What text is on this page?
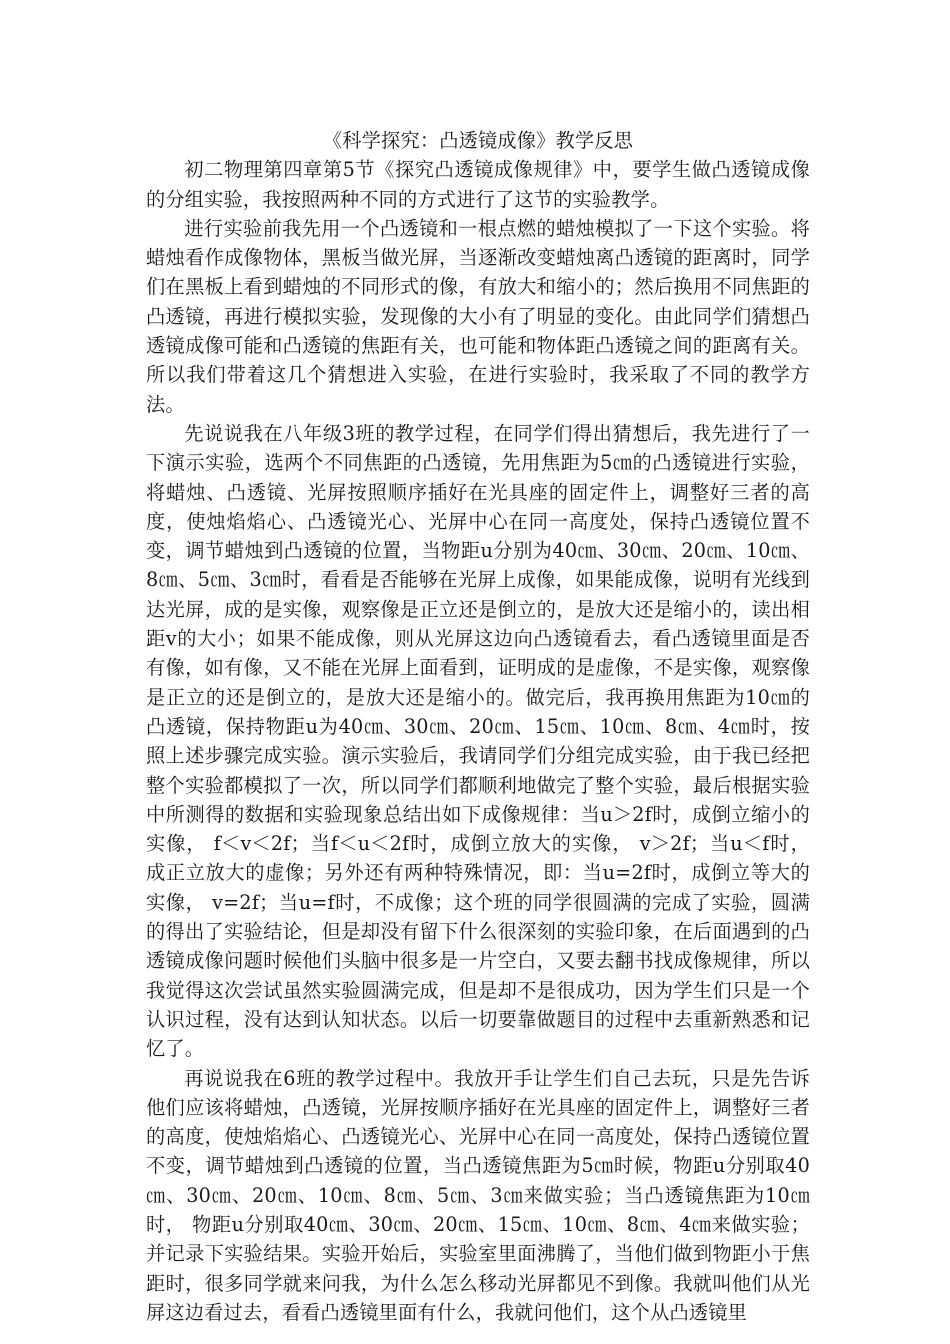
《科学探究：凸透镜成像》教学反思

初二物理第四章第5节《探究凸透镜成像规律》中，要学生做凸透镜成像的分组实验，我按照两种不同的方式进行了这节的实验教学。

进行实验前我先用一个凸透镜和一根点燃的蜡烛模拟了一下这个实验。将蜡烛看作成像物体，黑板当做光屏，当逐渐改变蜡烛离凸透镜的距离时，同学们在黑板上看到蜡烛的不同形式的像，有放大和缩小的；然后换用不同焦距的凸透镜，再进行模拟实验，发现像的大小有了明显的变化。由此同学们猜想凸透镜成像可能和凸透镜的焦距有关，也可能和物体距凸透镜之间的距离有关。所以我们带着这几个猜想进入实验，在进行实验时，我采取了不同的教学方法。

先说说我在八年级3班的教学过程，在同学们得出猜想后，我先进行了一下演示实验，选两个不同焦距的凸透镜，先用焦距为5㎝的凸透镜进行实验，将蜡烛、凸透镜、光屏按照顺序插好在光具座的固定件上，调整好三者的高度，使烛焰焰心、凸透镜光心、光屏中心在同一高度处，保持凸透镜位置不变，调节蜡烛到凸透镜的位置，当物距u分别为40㎝、30㎝、20㎝、10㎝、8㎝、5㎝、3㎝时，看看是否能够在光屏上成像，如果能成像，说明有光线到达光屏，成的是实像，观察像是正立还是倒立的，是放大还是缩小的，读出相距v的大小；如果不能成像，则从光屏这边向凸透镜看去，看凸透镜里面是否有像，如有像，又不能在光屏上面看到，证明成的是虚像，不是实像，观察像是正立的还是倒立的，是放大还是缩小的。做完后，我再换用焦距为10㎝的凸透镜，保持物距u为40㎝、30㎝、20㎝、15㎝、10㎝、8㎝、4㎝时，按照上述步骤完成实验。演示实验后，我请同学们分组完成实验，由于我已经把整个实验都模拟了一次，所以同学们都顺利地做完了整个实验，最后根据实验中所测得的数据和实验现象总结出如下成像规律：当u＞2f时，成倒立缩小的实像， f＜v＜2f；当f＜u＜2f时，成倒立放大的实像， v＞2f；当u＜f时，成正立放大的虚像；另外还有两种特殊情况，即：当u=2f时，成倒立等大的实像， v=2f；当u=f时，不成像；这个班的同学很圆满的完成了实验，圆满的得出了实验结论，但是却没有留下什么很深刻的实验印象，在后面遇到的凸透镜成像问题时候他们头脑中很多是一片空白，又要去翻书找成像规律，所以我觉得这次尝试虽然实验圆满完成，但是却不是很成功，因为学生们只是一个认识过程，没有达到认知状态。以后一切要靠做题目的过程中去重新熟悉和记忆了。

再说说我在6班的教学过程中。我放开手让学生们自己去玩，只是先告诉他们应该将蜡烛，凸透镜，光屏按顺序插好在光具座的固定件上，调整好三者的高度，使烛焰焰心、凸透镜光心、光屏中心在同一高度处，保持凸透镜位置不变，调节蜡烛到凸透镜的位置，当凸透镜焦距为5㎝时候，物距u分别取40㎝、30㎝、20㎝、10㎝、8㎝、5㎝、3㎝来做实验；当凸透镜焦距为10㎝时， 物距u分别取40㎝、30㎝、20㎝、15㎝、10㎝、8㎝、4㎝来做实验；并记录下实验结果。实验开始后，实验室里面沸腾了，当他们做到物距小于焦距时，很多同学就来问我，为什么怎么移动光屏都见不到像。我就叫他们从光屏这边看过去，看看凸透镜里面有什么，我就问他们，这个从凸透镜里
